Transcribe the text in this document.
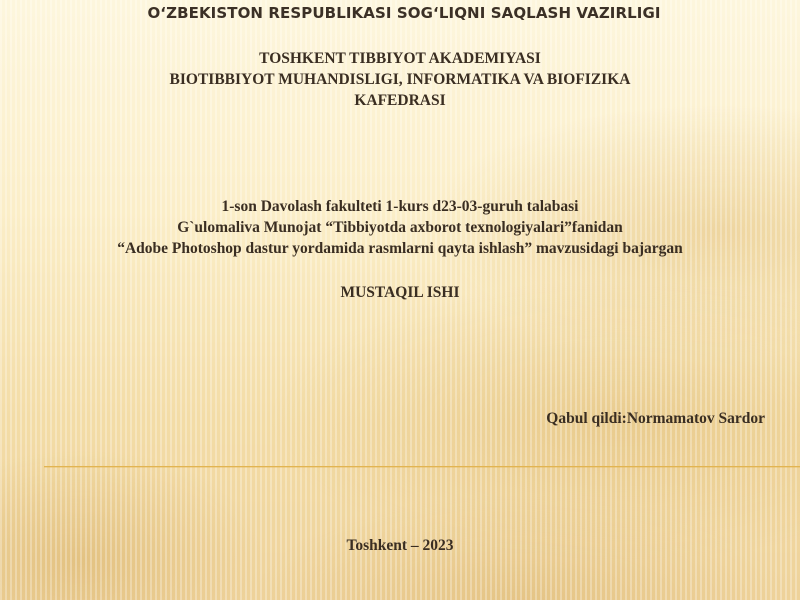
O‘ZBEKISTON RESPUBLIKASI SOG‘LIQNI SAQLASH VAZIRLIGI
TOSHKENT TIBBIYOT AKADEMIYASI
BIOTIBBIYOT MUHANDISLIGI, INFORMATIKA VA BIOFIZIKA
KAFEDRASI
1-son Davolash fakulteti 1-kurs d23-03-guruh talabasi
G`ulomaliva Munojat “Tibbiyotda axborot texnologiyalari”fanidan
“Adobe Photoshop dastur yordamida rasmlarni qayta ishlash” mavzusidagi bajargan
MUSTAQIL ISHI
Qabul qildi:Normamatov Sardor
Toshkent – 2023
